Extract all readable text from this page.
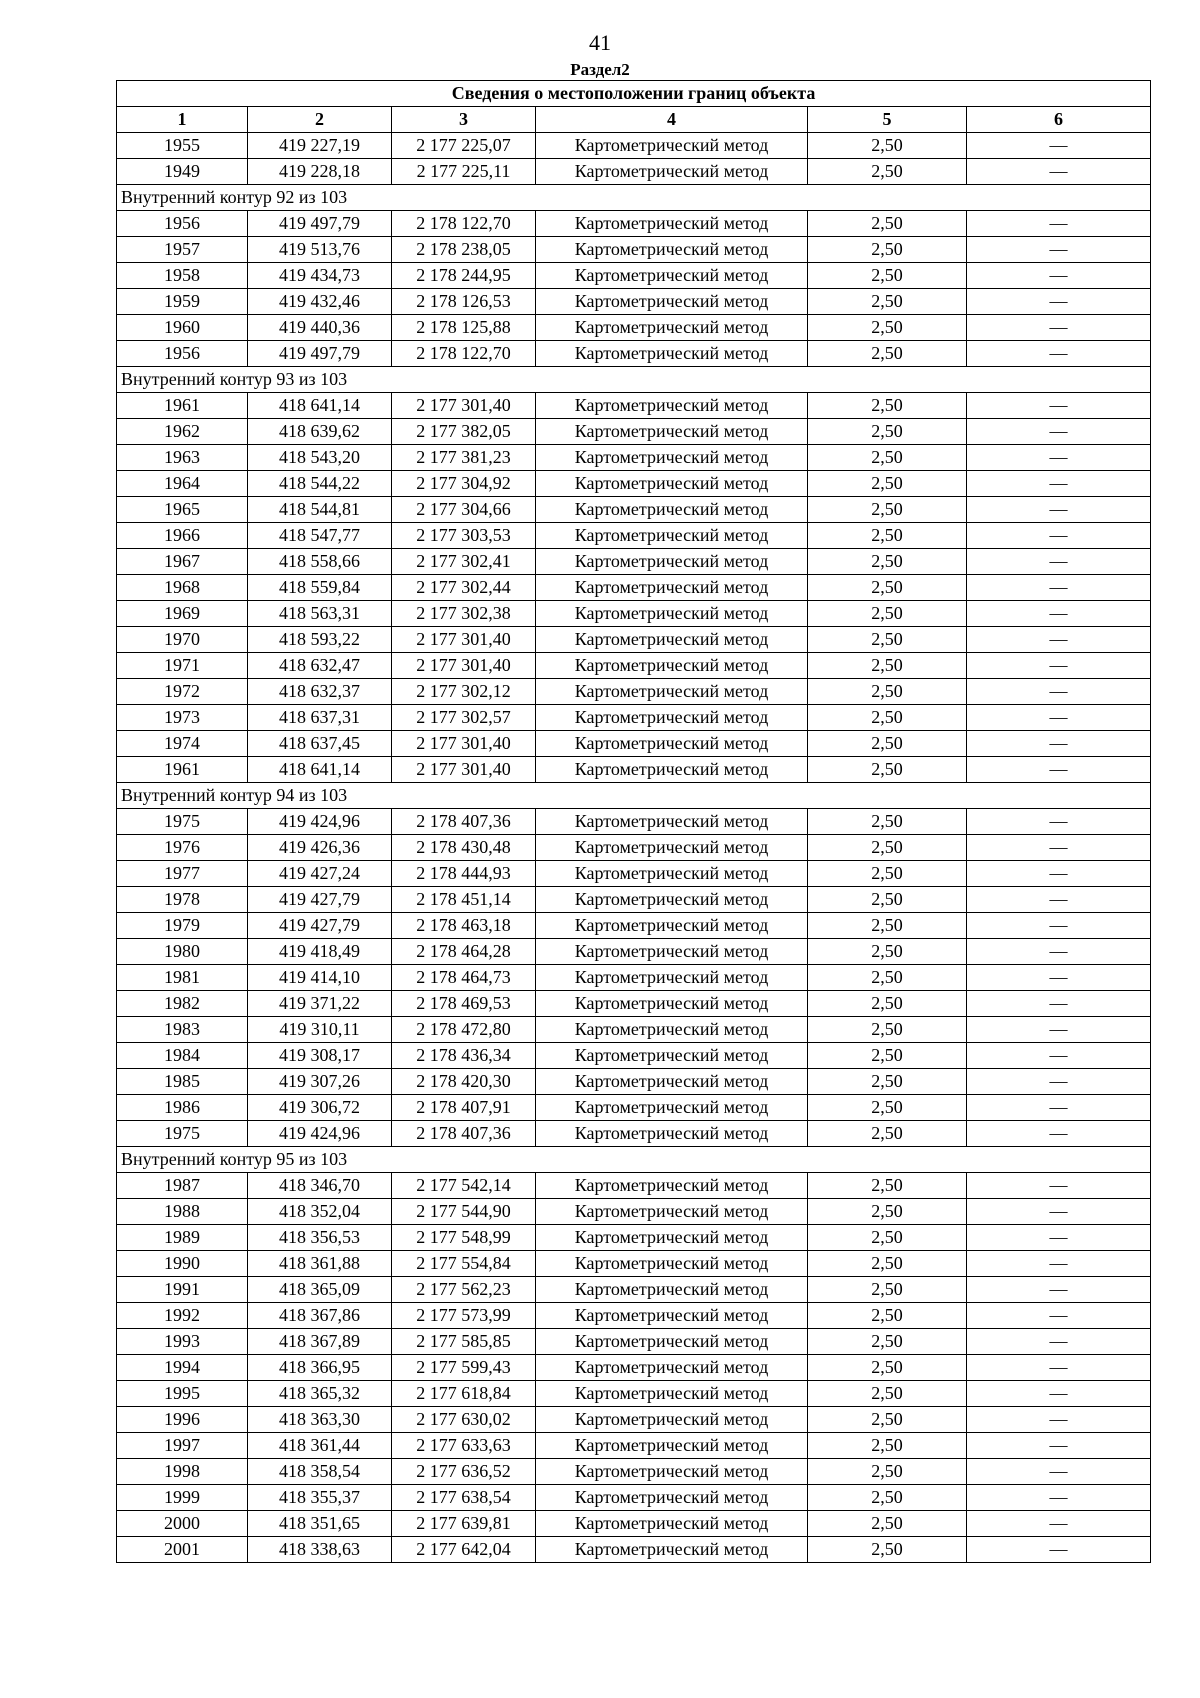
41
Раздел2
Сведения о местоположении границ объекта					
1	2	3	4	5	6
1955	419 227,19	2 177 225,07	Картометрический метод	2,50	—
1949	419 228,18	2 177 225,11	Картометрический метод	2,50	—
Внутренний контур 92 из 103					
1956	419 497,79	2 178 122,70	Картометрический метод	2,50	—
1957	419 513,76	2 178 238,05	Картометрический метод	2,50	—
1958	419 434,73	2 178 244,95	Картометрический метод	2,50	—
1959	419 432,46	2 178 126,53	Картометрический метод	2,50	—
1960	419 440,36	2 178 125,88	Картометрический метод	2,50	—
1956	419 497,79	2 178 122,70	Картометрический метод	2,50	—
Внутренний контур 93 из 103					
1961	418 641,14	2 177 301,40	Картометрический метод	2,50	—
1962	418 639,62	2 177 382,05	Картометрический метод	2,50	—
1963	418 543,20	2 177 381,23	Картометрический метод	2,50	—
1964	418 544,22	2 177 304,92	Картометрический метод	2,50	—
1965	418 544,81	2 177 304,66	Картометрический метод	2,50	—
1966	418 547,77	2 177 303,53	Картометрический метод	2,50	—
1967	418 558,66	2 177 302,41	Картометрический метод	2,50	—
1968	418 559,84	2 177 302,44	Картометрический метод	2,50	—
1969	418 563,31	2 177 302,38	Картометрический метод	2,50	—
1970	418 593,22	2 177 301,40	Картометрический метод	2,50	—
1971	418 632,47	2 177 301,40	Картометрический метод	2,50	—
1972	418 632,37	2 177 302,12	Картометрический метод	2,50	—
1973	418 637,31	2 177 302,57	Картометрический метод	2,50	—
1974	418 637,45	2 177 301,40	Картометрический метод	2,50	—
1961	418 641,14	2 177 301,40	Картометрический метод	2,50	—
Внутренний контур 94 из 103					
1975	419 424,96	2 178 407,36	Картометрический метод	2,50	—
1976	419 426,36	2 178 430,48	Картометрический метод	2,50	—
1977	419 427,24	2 178 444,93	Картометрический метод	2,50	—
1978	419 427,79	2 178 451,14	Картометрический метод	2,50	—
1979	419 427,79	2 178 463,18	Картометрический метод	2,50	—
1980	419 418,49	2 178 464,28	Картометрический метод	2,50	—
1981	419 414,10	2 178 464,73	Картометрический метод	2,50	—
1982	419 371,22	2 178 469,53	Картометрический метод	2,50	—
1983	419 310,11	2 178 472,80	Картометрический метод	2,50	—
1984	419 308,17	2 178 436,34	Картометрический метод	2,50	—
1985	419 307,26	2 178 420,30	Картометрический метод	2,50	—
1986	419 306,72	2 178 407,91	Картометрический метод	2,50	—
1975	419 424,96	2 178 407,36	Картометрический метод	2,50	—
Внутренний контур 95 из 103					
1987	418 346,70	2 177 542,14	Картометрический метод	2,50	—
1988	418 352,04	2 177 544,90	Картометрический метод	2,50	—
1989	418 356,53	2 177 548,99	Картометрический метод	2,50	—
1990	418 361,88	2 177 554,84	Картометрический метод	2,50	—
1991	418 365,09	2 177 562,23	Картометрический метод	2,50	—
1992	418 367,86	2 177 573,99	Картометрический метод	2,50	—
1993	418 367,89	2 177 585,85	Картометрический метод	2,50	—
1994	418 366,95	2 177 599,43	Картометрический метод	2,50	—
1995	418 365,32	2 177 618,84	Картометрический метод	2,50	—
1996	418 363,30	2 177 630,02	Картометрический метод	2,50	—
1997	418 361,44	2 177 633,63	Картометрический метод	2,50	—
1998	418 358,54	2 177 636,52	Картометрический метод	2,50	—
1999	418 355,37	2 177 638,54	Картометрический метод	2,50	—
2000	418 351,65	2 177 639,81	Картометрический метод	2,50	—
2001	418 338,63	2 177 642,04	Картометрический метод	2,50	—
